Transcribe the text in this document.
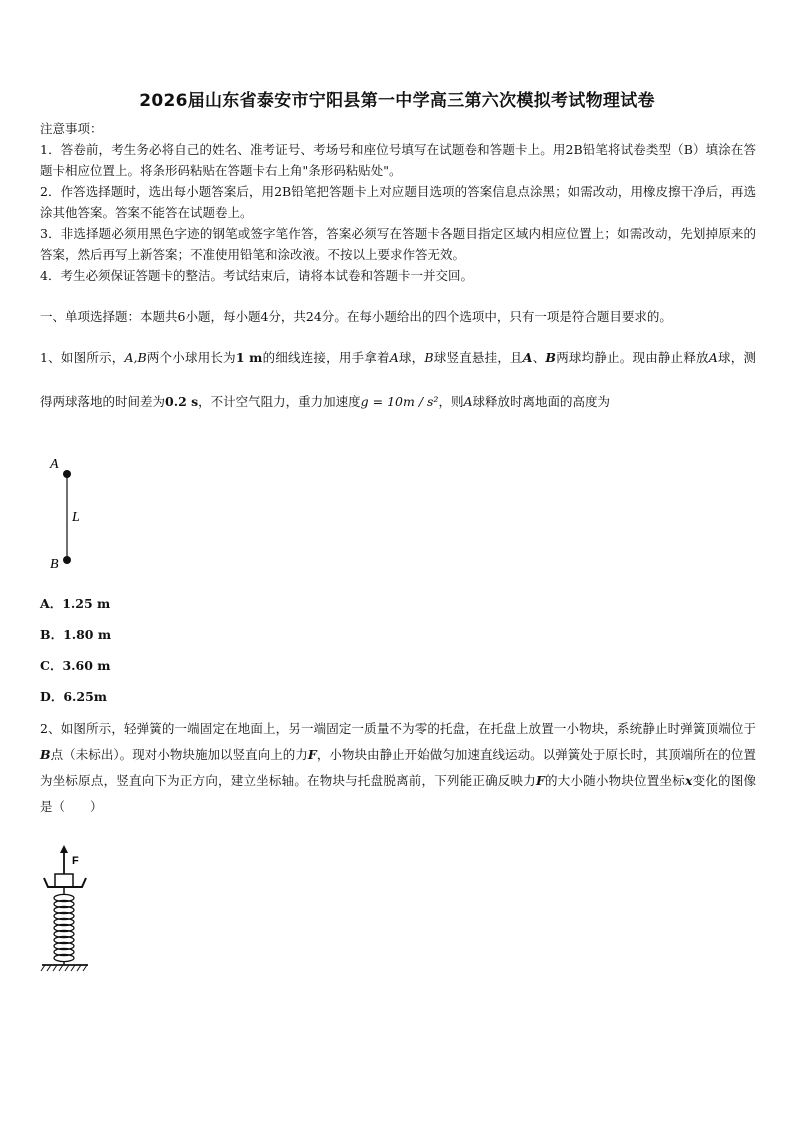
2026届山东省泰安市宁阳县第一中学高三第六次模拟考试物理试卷
注意事项：

1．答卷前，考生务必将自己的姓名、准考证号、考场号和座位号填写在试题卷和答题卡上。用2B铅笔将试卷类型（B）填涂在答题卡相应位置上。将条形码粘贴在答题卡右上角"条形码粘贴处"。

2．作答选择题时，选出每小题答案后，用2B铅笔把答题卡上对应题目选项的答案信息点涂黑；如需改动，用橡皮擦干净后，再选涂其他答案。答案不能答在试题卷上。

3．非选择题必须用黑色字迹的钢笔或签字笔作答，答案必须写在答题卡各题目指定区域内相应位置上；如需改动，先划掉原来的答案，然后再写上新答案；不准使用铅笔和涂改液。不按以上要求作答无效。

4．考生必须保证答题卡的整洁。考试结束后，请将本试卷和答题卡一并交回。

一、单项选择题：本题共6小题，每小题4分，共24分。在每小题给出的四个选项中，只有一项是符合题目要求的。
1、如图所示，A,B两个小球用长为1 m的细线连接，用手拿着A球，B球竖直悬挂，且A、B两球均静止。现由静止释放A球，测得两球落地的时间差为0.2 s，不计空气阻力，重力加速度g = 10m / s²，则A球释放时离地面的高度为
A
L
B
A．1.25 m
B．1.80 m
C．3.60 m
D．6.25m
2、如图所示，轻弹簧的一端固定在地面上，另一端固定一质量不为零的托盘，在托盘上放置一小物块，系统静止时弹簧顶端位于B点（未标出）。现对小物块施加以竖直向上的力F，小物块由静止开始做匀加速直线运动。以弹簧处于原长时，其顶端所在的位置为坐标原点，竖直向下为正方向，建立坐标轴。在物块与托盘脱离前，下列能正确反映力F的大小随小物块位置坐标x变化的图像是（　　）
F
